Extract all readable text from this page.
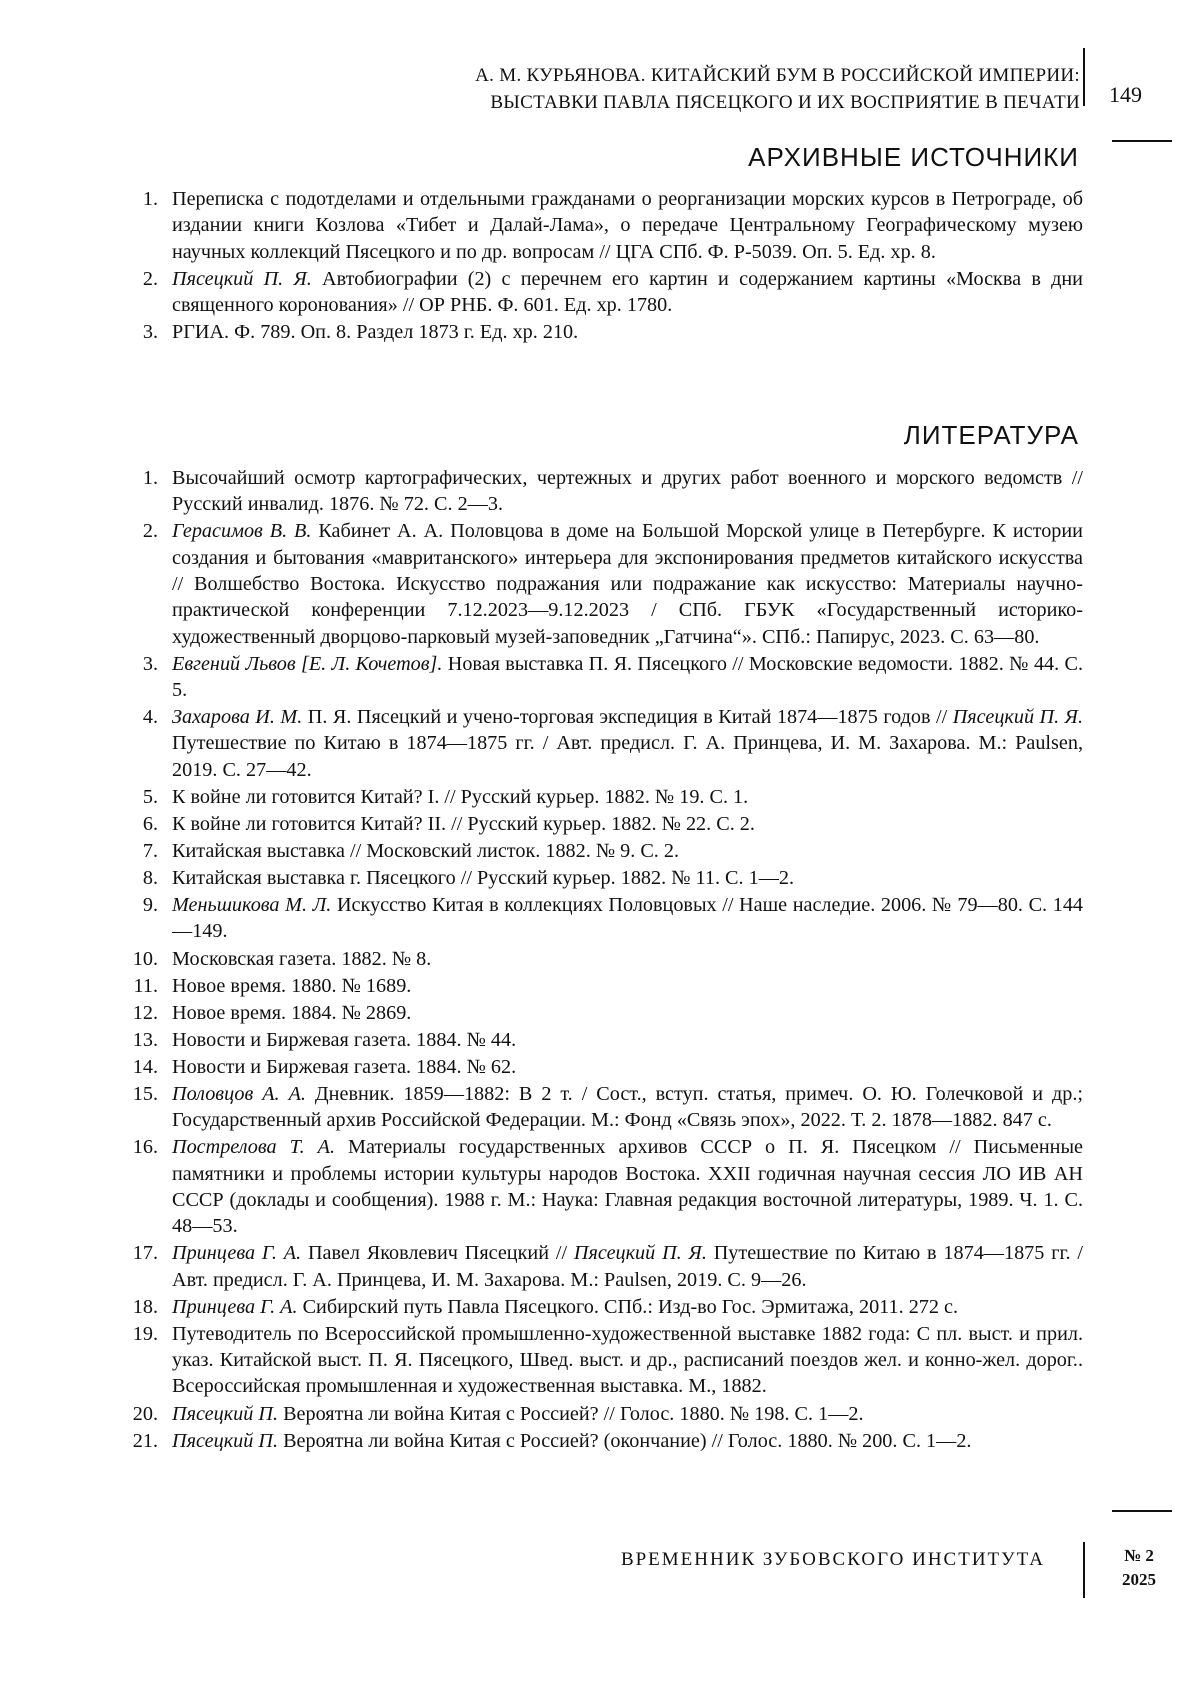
А. М. КУРЬЯНОВА. КИТАЙСКИЙ БУМ В РОССИЙСКОЙ ИМПЕРИИ:
ВЫСТАВКИ ПАВЛА ПЯСЕЦКОГО И ИХ ВОСПРИЯТИЕ В ПЕЧАТИ 149
АРХИВНЫЕ ИСТОЧНИКИ
1. Переписка с подотделами и отдельными гражданами о реорганизации морских курсов в Петрограде, об издании книги Козлова «Тибет и Далай-Лама», о передаче Центральному Географическому музею научных коллекций Пясецкого и по др. вопросам // ЦГА СПб. Ф. Р-5039. Оп. 5. Ед. хр. 8.
2. Пясецкий П. Я. Автобиографии (2) с перечнем его картин и содержанием картины «Москва в дни священного коронования» // ОР РНБ. Ф. 601. Ед. хр. 1780.
3. РГИА. Ф. 789. Оп. 8. Раздел 1873 г. Ед. хр. 210.
ЛИТЕРАТУРА
1. Высочайший осмотр картографических, чертежных и других работ военного и морского ведомств // Русский инвалид. 1876. № 72. С. 2—3.
2. Герасимов В. В. Кабинет А. А. Половцова в доме на Большой Морской улице в Петербурге. К истории создания и бытования «мавританского» интерьера для экспонирования предметов китайского искусства // Волшебство Востока. Искусство подражания или подражание как искусство: Материалы научно-практической конференции 7.12.2023—9.12.2023 / СПб. ГБУК «Государственный историко-художественный дворцово-парковый музей-заповедник „Гатчина“». СПб.: Папирус, 2023. С. 63—80.
3. Евгений Львов [Е. Л. Кочетов]. Новая выставка П. Я. Пясецкого // Московские ведомости. 1882. № 44. С. 5.
4. Захарова И. М. П. Я. Пясецкий и учено-торговая экспедиция в Китай 1874—1875 годов // Пясецкий П. Я. Путешествие по Китаю в 1874—1875 гг. / Авт. предисл. Г. А. Принцева, И. М. Захарова. М.: Paulsen, 2019. С. 27—42.
5. К войне ли готовится Китай? I. // Русский курьер. 1882. № 19. С. 1.
6. К войне ли готовится Китай? II. // Русский курьер. 1882. № 22. С. 2.
7. Китайская выставка // Московский листок. 1882. № 9. С. 2.
8. Китайская выставка г. Пясецкого // Русский курьер. 1882. № 11. С. 1—2.
9. Меньшикова М. Л. Искусство Китая в коллекциях Половцовых // Наше наследие. 2006. № 79—80. С. 144—149.
10. Московская газета. 1882. № 8.
11. Новое время. 1880. № 1689.
12. Новое время. 1884. № 2869.
13. Новости и Биржевая газета. 1884. № 44.
14. Новости и Биржевая газета. 1884. № 62.
15. Половцов А. А. Дневник. 1859—1882: В 2 т. / Сост., вступ. статья, примеч. О. Ю. Голечковой и др.; Государственный архив Российской Федерации. М.: Фонд «Связь эпох», 2022. Т. 2. 1878—1882. 847 с.
16. Пострелова Т. А. Материалы государственных архивов СССР о П. Я. Пясецком // Письменные памятники и проблемы истории культуры народов Востока. XXII годичная научная сессия ЛО ИВ АН СССР (доклады и сообщения). 1988 г. М.: Наука: Главная редакция восточной литературы, 1989. Ч. 1. С. 48—53.
17. Принцева Г. А. Павел Яковлевич Пясецкий // Пясецкий П. Я. Путешествие по Китаю в 1874—1875 гг. / Авт. предисл. Г. А. Принцева, И. М. Захарова. М.: Paulsen, 2019. С. 9—26.
18. Принцева Г. А. Сибирский путь Павла Пясецкого. СПб.: Изд-во Гос. Эрмитажа, 2011. 272 с.
19. Путеводитель по Всероссийской промышленно-художественной выставке 1882 года: С пл. выст. и прил. указ. Китайской выст. П. Я. Пясецкого, Швед. выст. и др., расписаний поездов жел. и конно-жел. дорог.. Всероссийская промышленная и художественная выставка. М., 1882.
20. Пясецкий П. Вероятна ли война Китая с Россией? // Голос. 1880. № 198. С. 1—2.
21. Пясецкий П. Вероятна ли война Китая с Россией? (окончание) // Голос. 1880. № 200. С. 1—2.
ВРЕМЕННИК ЗУБОВСКОГО ИНСТИТУТА	№ 2
2025
